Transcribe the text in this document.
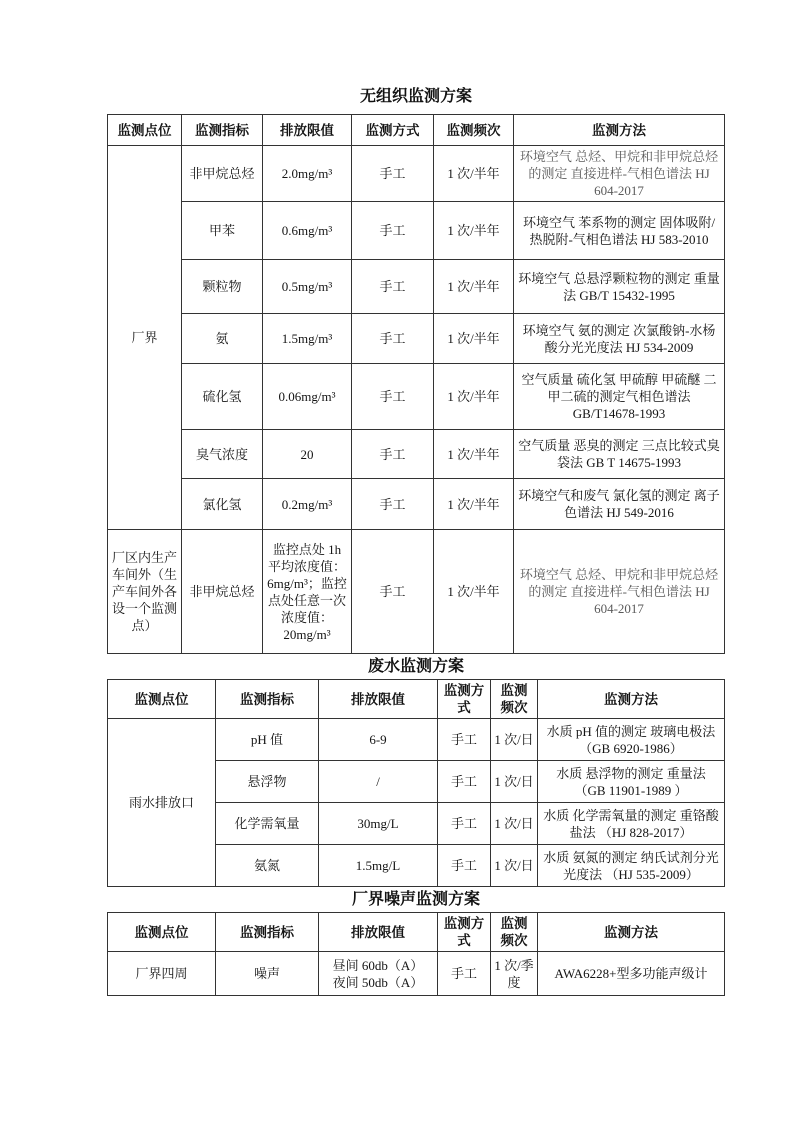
无组织监测方案
监测点位	监测指标	排放限值	监测方式	监测频次	监测方法
厂界	非甲烷总烃	2.0mg/m³	手工	1 次/半年	环境空气 总烃、甲烷和非甲烷总烃的测定 直接进样-气相色谱法 HJ 604-2017
	甲苯	0.6mg/m³	手工	1 次/半年	环境空气 苯系物的测定 固体吸附/热脱附-气相色谱法 HJ 583-2010
	颗粒物	0.5mg/m³	手工	1 次/半年	环境空气 总悬浮颗粒物的测定 重量法 GB/T 15432-1995
	氨	1.5mg/m³	手工	1 次/半年	环境空气 氨的测定 次氯酸钠-水杨酸分光光度法 HJ 534-2009
	硫化氢	0.06mg/m³	手工	1 次/半年	空气质量 硫化氢 甲硫醇 甲硫醚 二甲二硫的测定气相色谱法 GB/T14678-1993
	臭气浓度	20	手工	1 次/半年	空气质量 恶臭的测定 三点比较式臭袋法 GB T 14675-1993
	氯化氢	0.2mg/m³	手工	1 次/半年	环境空气和废气 氯化氢的测定 离子色谱法 HJ 549-2016
厂区内生产车间外（生产车间外各设一个监测点）	非甲烷总烃	监控点处 1h 平均浓度值：6mg/m³；监控点处任意一次浓度值：20mg/m³	手工	1 次/半年	环境空气 总烃、甲烷和非甲烷总烃的测定 直接进样-气相色谱法 HJ 604-2017
废水监测方案
监测点位	监测指标	排放限值	监测方式	监测频次	监测方法
雨水排放口	pH 值	6-9	手工	1 次/日	水质 pH 值的测定 玻璃电极法 （GB 6920-1986）
	悬浮物	/	手工	1 次/日	水质 悬浮物的测定 重量法 （GB 11901-1989 ）
	化学需氧量	30mg/L	手工	1 次/日	水质 化学需氧量的测定 重铬酸盐法 （HJ 828-2017）
	氨氮	1.5mg/L	手工	1 次/日	水质 氨氮的测定 纳氏试剂分光光度法 （HJ 535-2009）
厂界噪声监测方案
监测点位	监测指标	排放限值	监测方式	监测频次	监测方法
厂界四周	噪声	昼间 60db（A）
夜间 50db（A）	手工	1 次/季度	AWA6228+型多功能声级计
